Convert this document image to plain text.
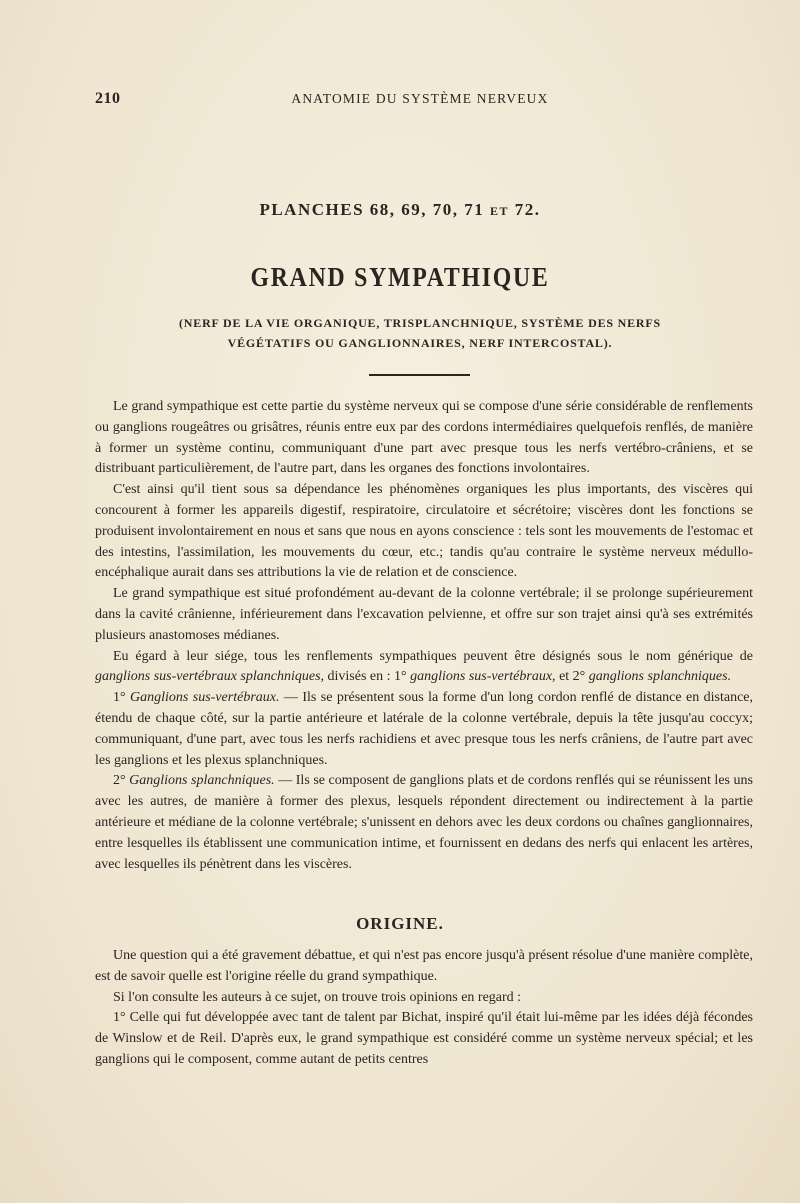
210	ANATOMIE DU SYSTÈME NERVEUX
PLANCHES 68, 69, 70, 71 et 72.
GRAND SYMPATHIQUE
(NERF DE LA VIE ORGANIQUE, TRISPLANCHNIQUE, SYSTÈME DES NERFS VÉGÉTATIFS OU GANGLIONNAIRES, NERF INTERCOSTAL).

Le grand sympathique est cette partie du système nerveux qui se compose d'une série considérable de renflements ou ganglions rougeâtres ou grisâtres, réunis entre eux par des cordons intermédiaires quelquefois renflés, de manière à former un système continu, communiquant d'une part avec presque tous les nerfs vertébro-crâniens, et se distribuant particulièrement, de l'autre part, dans les organes des fonctions involontaires.

C'est ainsi qu'il tient sous sa dépendance les phénomènes organiques les plus importants, des viscères qui concourent à former les appareils digestif, respiratoire, circulatoire et sécrétoire; viscères dont les fonctions se produisent involontairement en nous et sans que nous en ayons conscience : tels sont les mouvements de l'estomac et des intestins, l'assimilation, les mouvements du cœur, etc.; tandis qu'au contraire le système nerveux médullo-encéphalique aurait dans ses attributions la vie de relation et de conscience.

Le grand sympathique est situé profondément au-devant de la colonne vertébrale; il se prolonge supérieurement dans la cavité crânienne, inférieurement dans l'excavation pelvienne, et offre sur son trajet ainsi qu'à ses extrémités plusieurs anastomoses médianes.

Eu égard à leur siége, tous les renflements sympathiques peuvent être désignés sous le nom générique de ganglions sus-vertébraux splanchniques, divisés en : 1° ganglions sus-vertébraux, et 2° ganglions splanchniques.

1° Ganglions sus-vertébraux. — Ils se présentent sous la forme d'un long cordon renflé de distance en distance, étendu de chaque côté, sur la partie antérieure et latérale de la colonne vertébrale, depuis la tête jusqu'au coccyx; communiquant, d'une part, avec tous les nerfs rachidiens et avec presque tous les nerfs crâniens, de l'autre part avec les ganglions et les plexus splanchniques.

2° Ganglions splanchniques. — Ils se composent de ganglions plats et de cordons renflés qui se réunissent les uns avec les autres, de manière à former des plexus, lesquels répondent directement ou indirectement à la partie antérieure et médiane de la colonne vertébrale; s'unissent en dehors avec les deux cordons ou chaînes ganglionnaires, entre lesquelles ils établissent une communication intime, et fournissent en dedans des nerfs qui enlacent les artères, avec lesquelles ils pénètrent dans les viscères.

ORIGINE.

Une question qui a été gravement débattue, et qui n'est pas encore jusqu'à présent résolue d'une manière complète, est de savoir quelle est l'origine réelle du grand sympathique.

Si l'on consulte les auteurs à ce sujet, on trouve trois opinions en regard :

1° Celle qui fut développée avec tant de talent par Bichat, inspiré qu'il était lui-même par les idées déjà fécondes de Winslow et de Reil. D'après eux, le grand sympathique est considéré comme un système nerveux spécial; et les ganglions qui le composent, comme autant de petits centres
